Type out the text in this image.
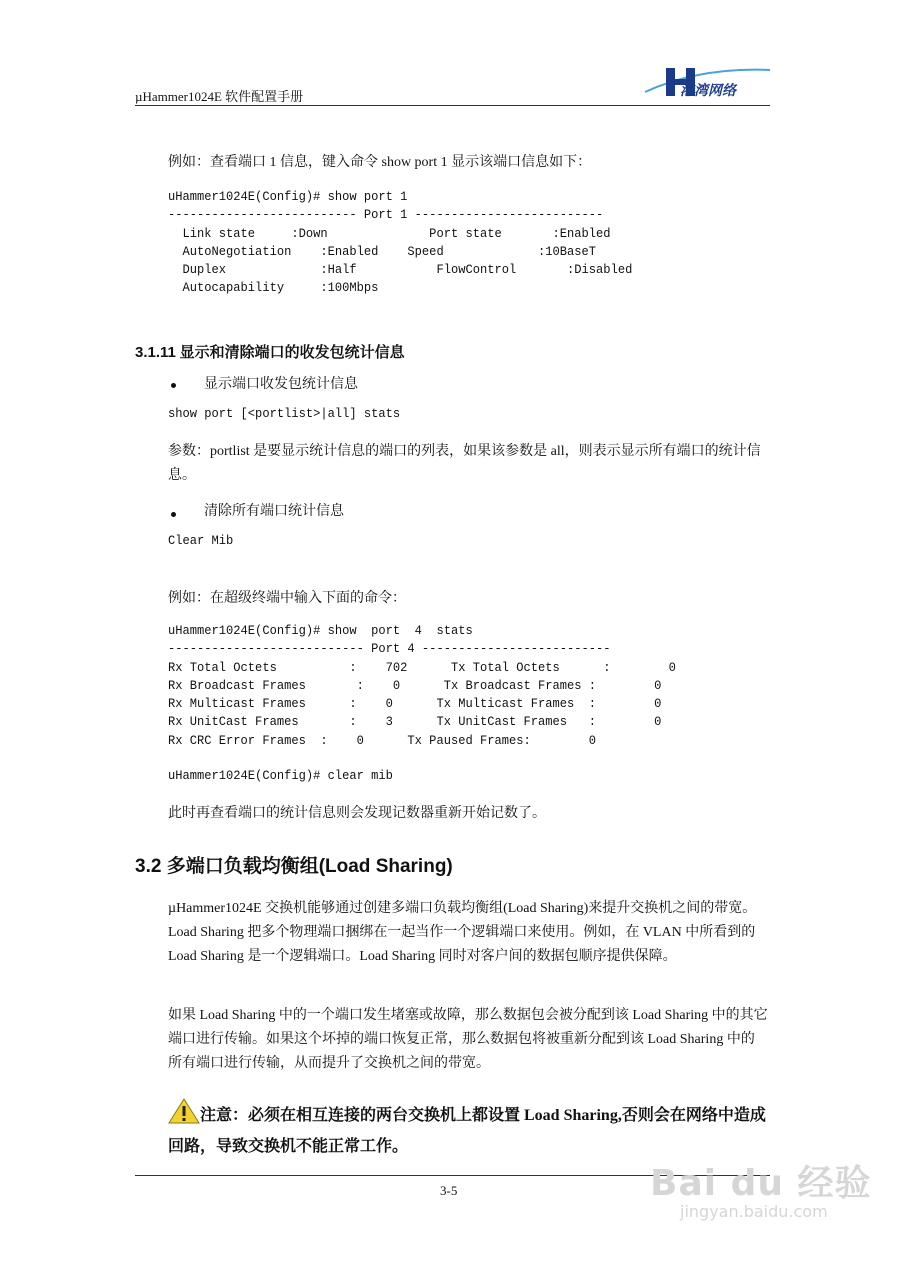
µHammer1024E 软件配置手册	港湾网络
例如：查看端口 1 信息，键入命令 show port 1 显示该端口信息如下：
uHammer1024E(Config)# show port 1
-------------------------- Port 1 --------------------------
Link state     :Down              Port state       :Enabled
AutoNegotiation    :Enabled    Speed             :10BaseT
Duplex             :Half           FlowControl       :Disabled
Autocapability     :100Mbps
3.1.11 显示和清除端口的收发包统计信息
显示端口收发包统计信息
show port [<portlist>|all] stats
参数：portlist 是要显示统计信息的端口的列表，如果该参数是 all，则表示显示所有端口的统计信息。
清除所有端口统计信息
Clear Mib
例如：在超级终端中输入下面的命令：
uHammer1024E(Config)# show  port  4  stats
--------------------------- Port 4 --------------------------
Rx Total Octets          :    702      Tx Total Octets      :        0
Rx Broadcast Frames       :    0      Tx Broadcast Frames :        0
Rx Multicast Frames      :    0      Tx Multicast Frames  :        0
Rx UnitCast Frames       :    3      Tx UnitCast Frames   :        0
Rx CRC Error Frames  :    0      Tx Paused Frames:        0
uHammer1024E(Config)# clear mib
此时再查看端口的统计信息则会发现记数器重新开始记数了。
3.2 多端口负载均衡组(Load Sharing)
µHammer1024E 交换机能够通过创建多端口负载均衡组(Load Sharing)来提升交换机之间的带宽。Load Sharing 把多个物理端口捆绑在一起当作一个逻辑端口来使用。例如，在 VLAN 中所看到的 Load Sharing 是一个逻辑端口。Load Sharing 同时对客户间的数据包顺序提供保障。
如果 Load Sharing 中的一个端口发生堵塞或故障，那么数据包会被分配到该 Load Sharing 中的其它端口进行传输。如果这个坏掉的端口恢复正常，那么数据包将被重新分配到该 Load Sharing 中的所有端口进行传输，从而提升了交换机之间的带宽。
注意：必须在相互连接的两台交换机上都设置 Load Sharing,否则会在网络中造成回路，导致交换机不能正常工作。
3-5	Bai du 经验
jingyan.baidu.com
